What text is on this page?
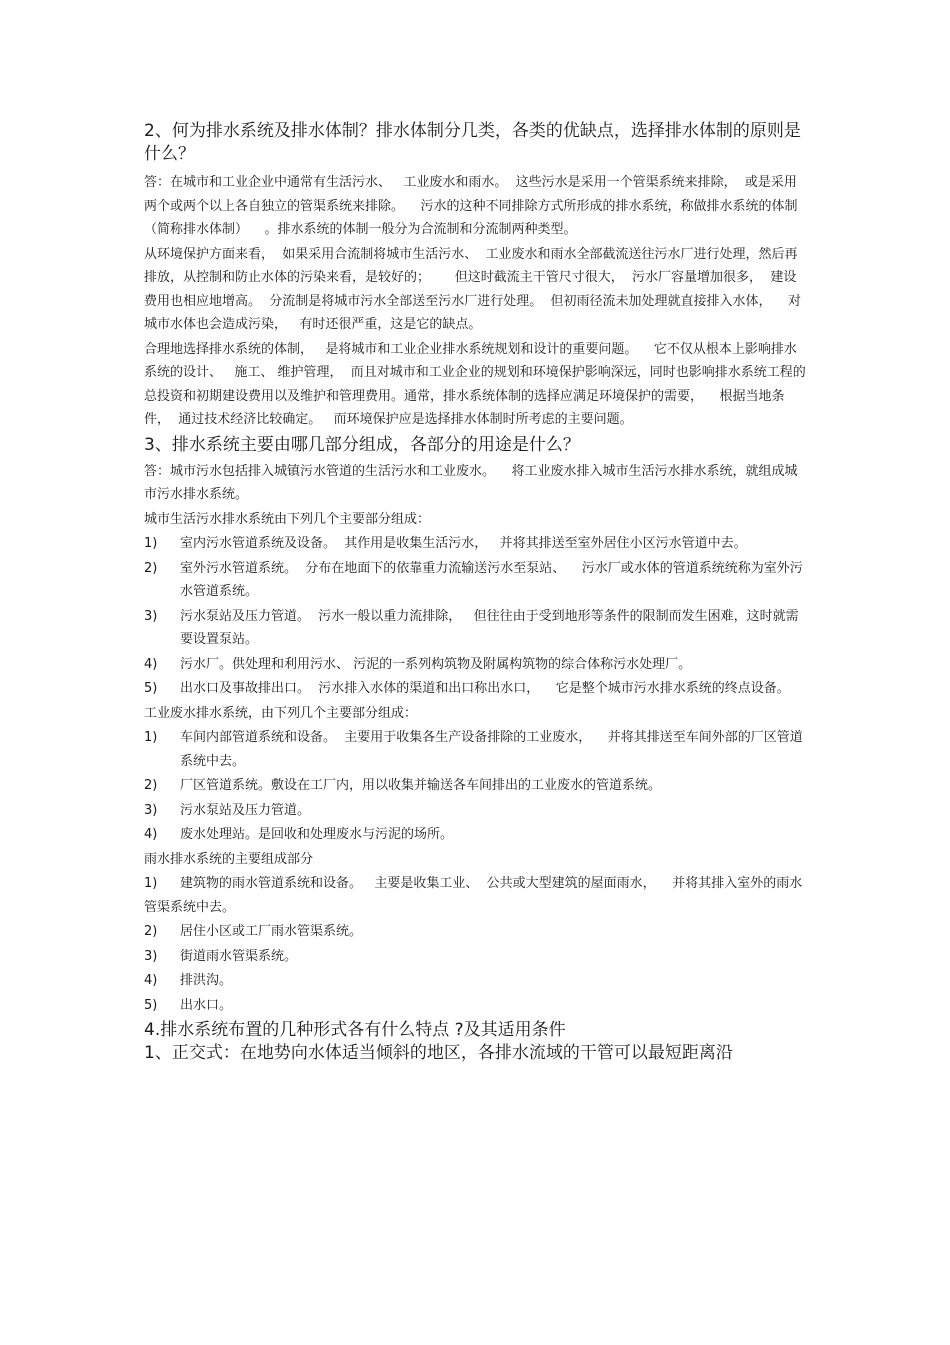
2、何为排水系统及排水体制？排水体制分几类，各类的优缺点，选择排水体制的原则是什么？

答：在城市和工业企业中通常有生活污水、   工业废水和雨水。  这些污水是采用一个管渠系统来排除，  或是采用两个或两个以上各自独立的管渠系统来排除。    污水的这种不同排除方式所形成的排水系统，称做排水系统的体制（简称排水体制）    。排水系统的体制一般分为合流制和分流制两种类型。

从环境保护方面来看，  如果采用合流制将城市生活污水、  工业废水和雨水全部截流送往污水厂进行处理，然后再排放，从控制和防止水体的污染来看，是较好的；      但这时截流主干管尺寸很大，  污水厂容量增加很多，  建设费用也相应地增高。  分流制是将城市污水全部送至污水厂进行处理。  但初雨径流未加处理就直接排入水体，    对城市水体也会造成污染，   有时还很严重，这是它的缺点。

合理地选择排水系统的体制，   是将城市和工业企业排水系统规划和设计的重要问题。    它不仅从根本上影响排水系统的设计、   施工、 维护管理，  而且对城市和工业企业的规划和环境保护影响深远，同时也影响排水系统工程的总投资和初期建设费用以及维护和管理费用。通常，排水系统体制的选择应满足环境保护的需要，    根据当地条件，  通过技术经济比较确定。   而环境保护应是选择排水体制时所考虑的主要问题。

3、排水系统主要由哪几部分组成，各部分的用途是什么？

答：城市污水包括排入城镇污水管道的生活污水和工业废水。    将工业废水排入城市生活污水排水系统，就组成城市污水排水系统。

城市生活污水排水系统由下列几个主要部分组成：

1)	室内污水管道系统及设备。  其作用是收集生活污水，   并将其排送至室外居住小区污水管道中去。
2)	室外污水管道系统。  分布在地面下的依靠重力流输送污水至泵站、    污水厂或水体的管道系统统称为室外污水管道系统。
3)	污水泵站及压力管道。  污水一般以重力流排除，   但往往由于受到地形等条件的限制而发生困难，这时就需要设置泵站。
4)	污水厂。供处理和利用污水、 污泥的一系列构筑物及附属构筑物的综合体称污水处理厂。
5)	出水口及事故排出口。  污水排入水体的渠道和出口称出水口，    它是整个城市污水排水系统的终点设备。

工业废水排水系统，由下列几个主要部分组成：

1)	车间内部管道系统和设备。  主要用于收集各生产设备排除的工业废水，    并将其排送至车间外部的厂区管道系统中去。
2)	厂区管道系统。敷设在工厂内，用以收集并输送各车间排出的工业废水的管道系统。
3)	污水泵站及压力管道。
4)	废水处理站。是回收和处理废水与污泥的场所。

雨水排水系统的主要组成部分

1) 建筑物的雨水管道系统和设备。   主要是收集工业、  公共或大型建筑的屋面雨水，    并将其排入室外的雨水管渠系统中去。
2)	居住小区或工厂雨水管渠系统。
3)	街道雨水管渠系统。
4)	排洪沟。
5)	出水口。

4.排水系统布置的几种形式各有什么特点 ?及其适用条件

1、正交式：在地势向水体适当倾斜的地区，各排水流域的干管可以最短距离沿
